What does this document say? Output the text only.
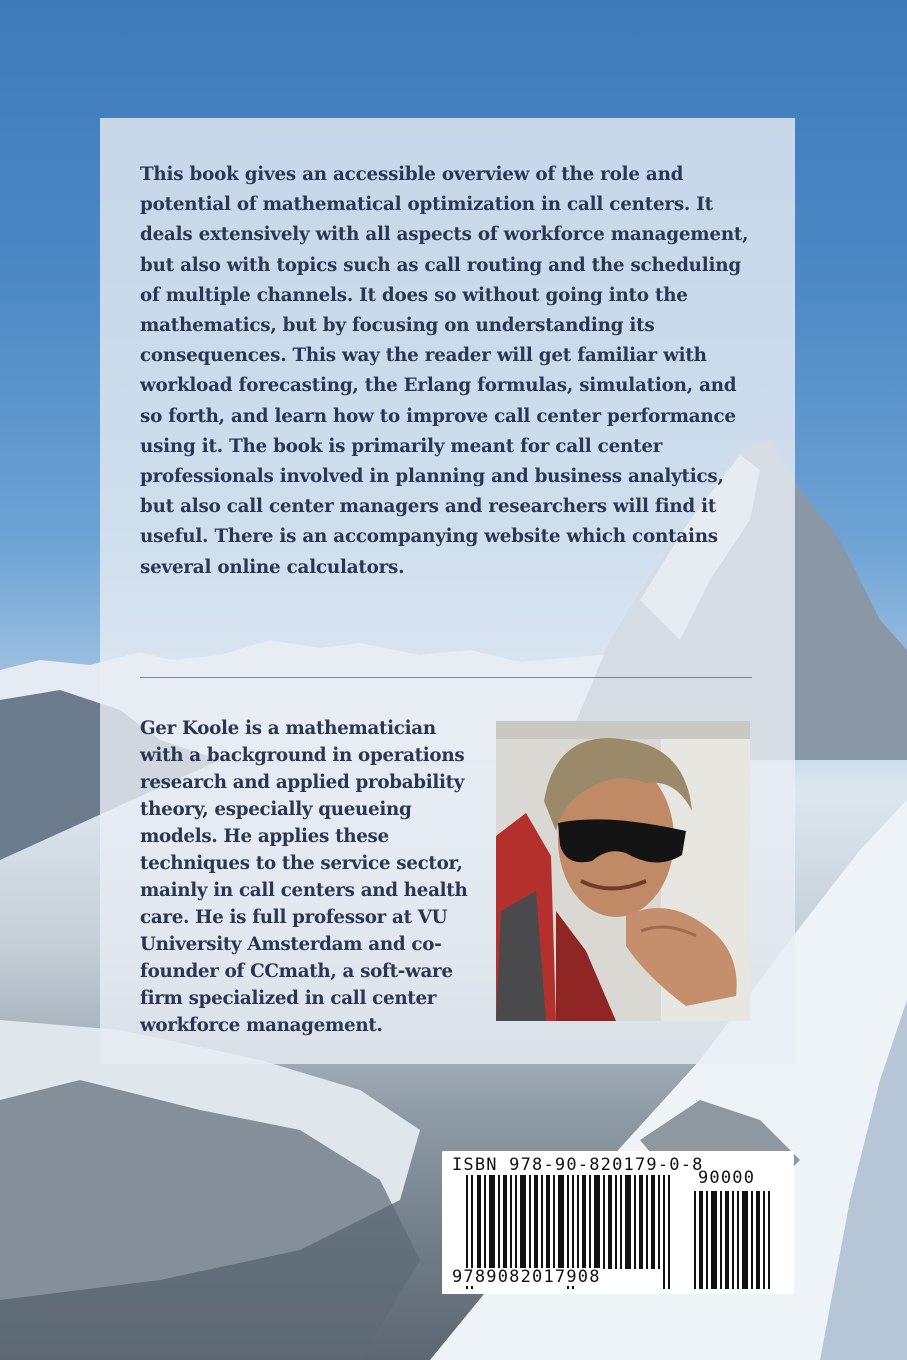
This book gives an accessible overview of the role and potential of mathematical optimization in call centers. It deals extensively with all aspects of workforce management, but also with topics such as call routing and the scheduling of multiple channels. It does so without going into the mathematics, but by focusing on understanding its consequences. This way the reader will get familiar with workload forecasting, the Erlang formulas, simulation, and so forth, and learn how to improve call center performance using it. The book is primarily meant for call center professionals involved in planning and business analytics, but also call center managers and researchers will find it useful. There is an accompanying website which contains several online calculators.

Ger Koole is a mathematician with a background in operations research and applied probability theory, especially queueing models. He applies these techniques to the service sector, mainly in call centers and health care. He is full professor at VU University Amsterdam and co-founder of CCmath, a soft-ware firm specialized in call center workforce management.

ISBN 978-90-820179-0-8
90000
9789082017908
